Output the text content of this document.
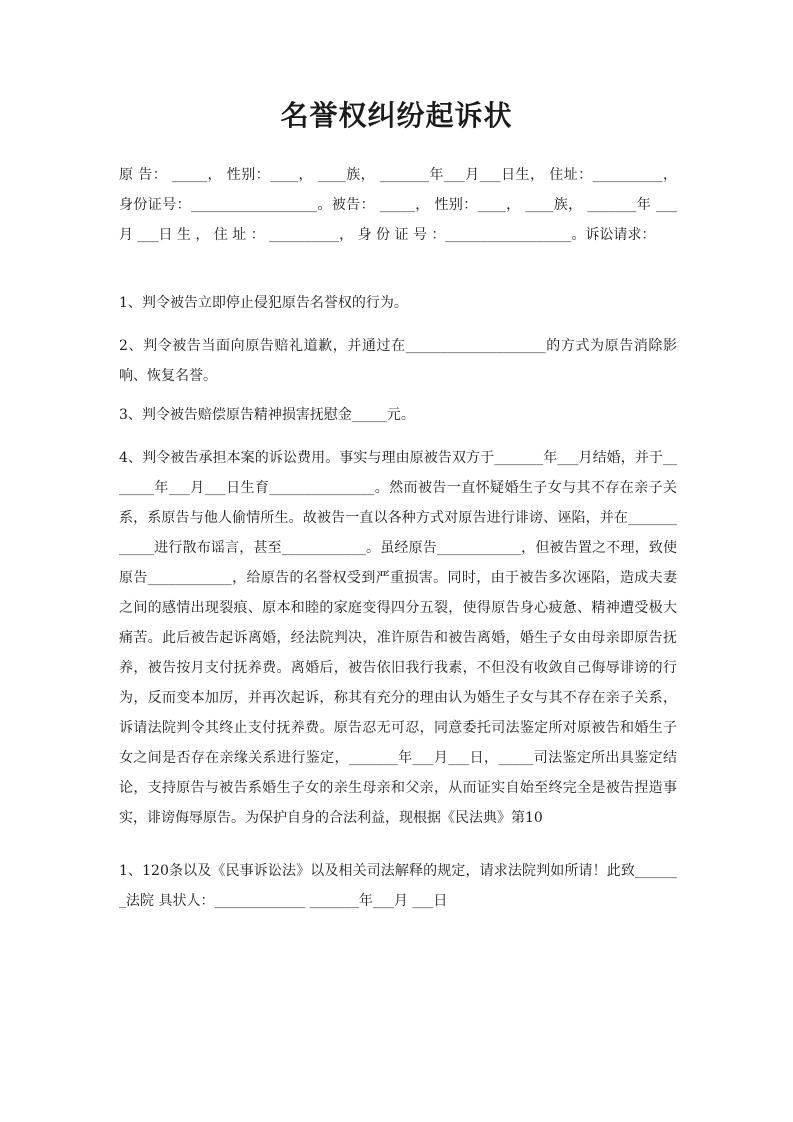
名誉权纠纷起诉状
原 告： _____， 性别：____， ____族， _______年___月___日生， 住址：__________， 身份证号：__________________。被告： _____， 性别：____， ____族， _______年 ___月 ___日 生 ， 住 址 ： __________， 身 份 证 号 ：__________________。诉讼请求：
1、判令被告立即停止侵犯原告名誉权的行为。
2、判令被告当面向原告赔礼道歉，并通过在____________________的方式为原告消除影响、恢复名誉。
3、判令被告赔偿原告精神损害抚慰金_____元。
4、判令被告承担本案的诉讼费用。事实与理由原被告双方于_______年___月结婚，并于_______年___月___日生育_______________。然而被告一直怀疑婚生子女与其不存在亲子关系，系原告与他人偷情所生。故被告一直以各种方式对原告进行诽谤、诬陷，并在____________进行散布谣言，甚至____________。虽经原告____________，但被告置之不理，致使原告____________，给原告的名誉权受到严重损害。同时，由于被告多次诬陷，造成夫妻之间的感情出现裂痕、原本和睦的家庭变得四分五裂，使得原告身心疲惫、精神遭受极大痛苦。此后被告起诉离婚，经法院判决，准许原告和被告离婚，婚生子女由母亲即原告抚养，被告按月支付抚养费。离婚后，被告依旧我行我素，不但没有收敛自己侮辱诽谤的行为，反而变本加厉，并再次起诉，称其有充分的理由认为婚生子女与其不存在亲子关系，诉请法院判令其终止支付抚养费。原告忍无可忍，同意委托司法鉴定所对原被告和婚生子女之间是否存在亲缘关系进行鉴定，_______年___月___日，_____司法鉴定所出具鉴定结论，支持原告与被告系婚生子女的亲生母亲和父亲，从而证实自始至终完全是被告捏造事实，诽谤侮辱原告。为保护自身的合法利益，现根据《民法典》第10
1、120条以及《民事诉讼法》以及相关司法解释的规定，请求法院判如所请！此致_______法院 具状人：_____________ _______年___月 ___日
